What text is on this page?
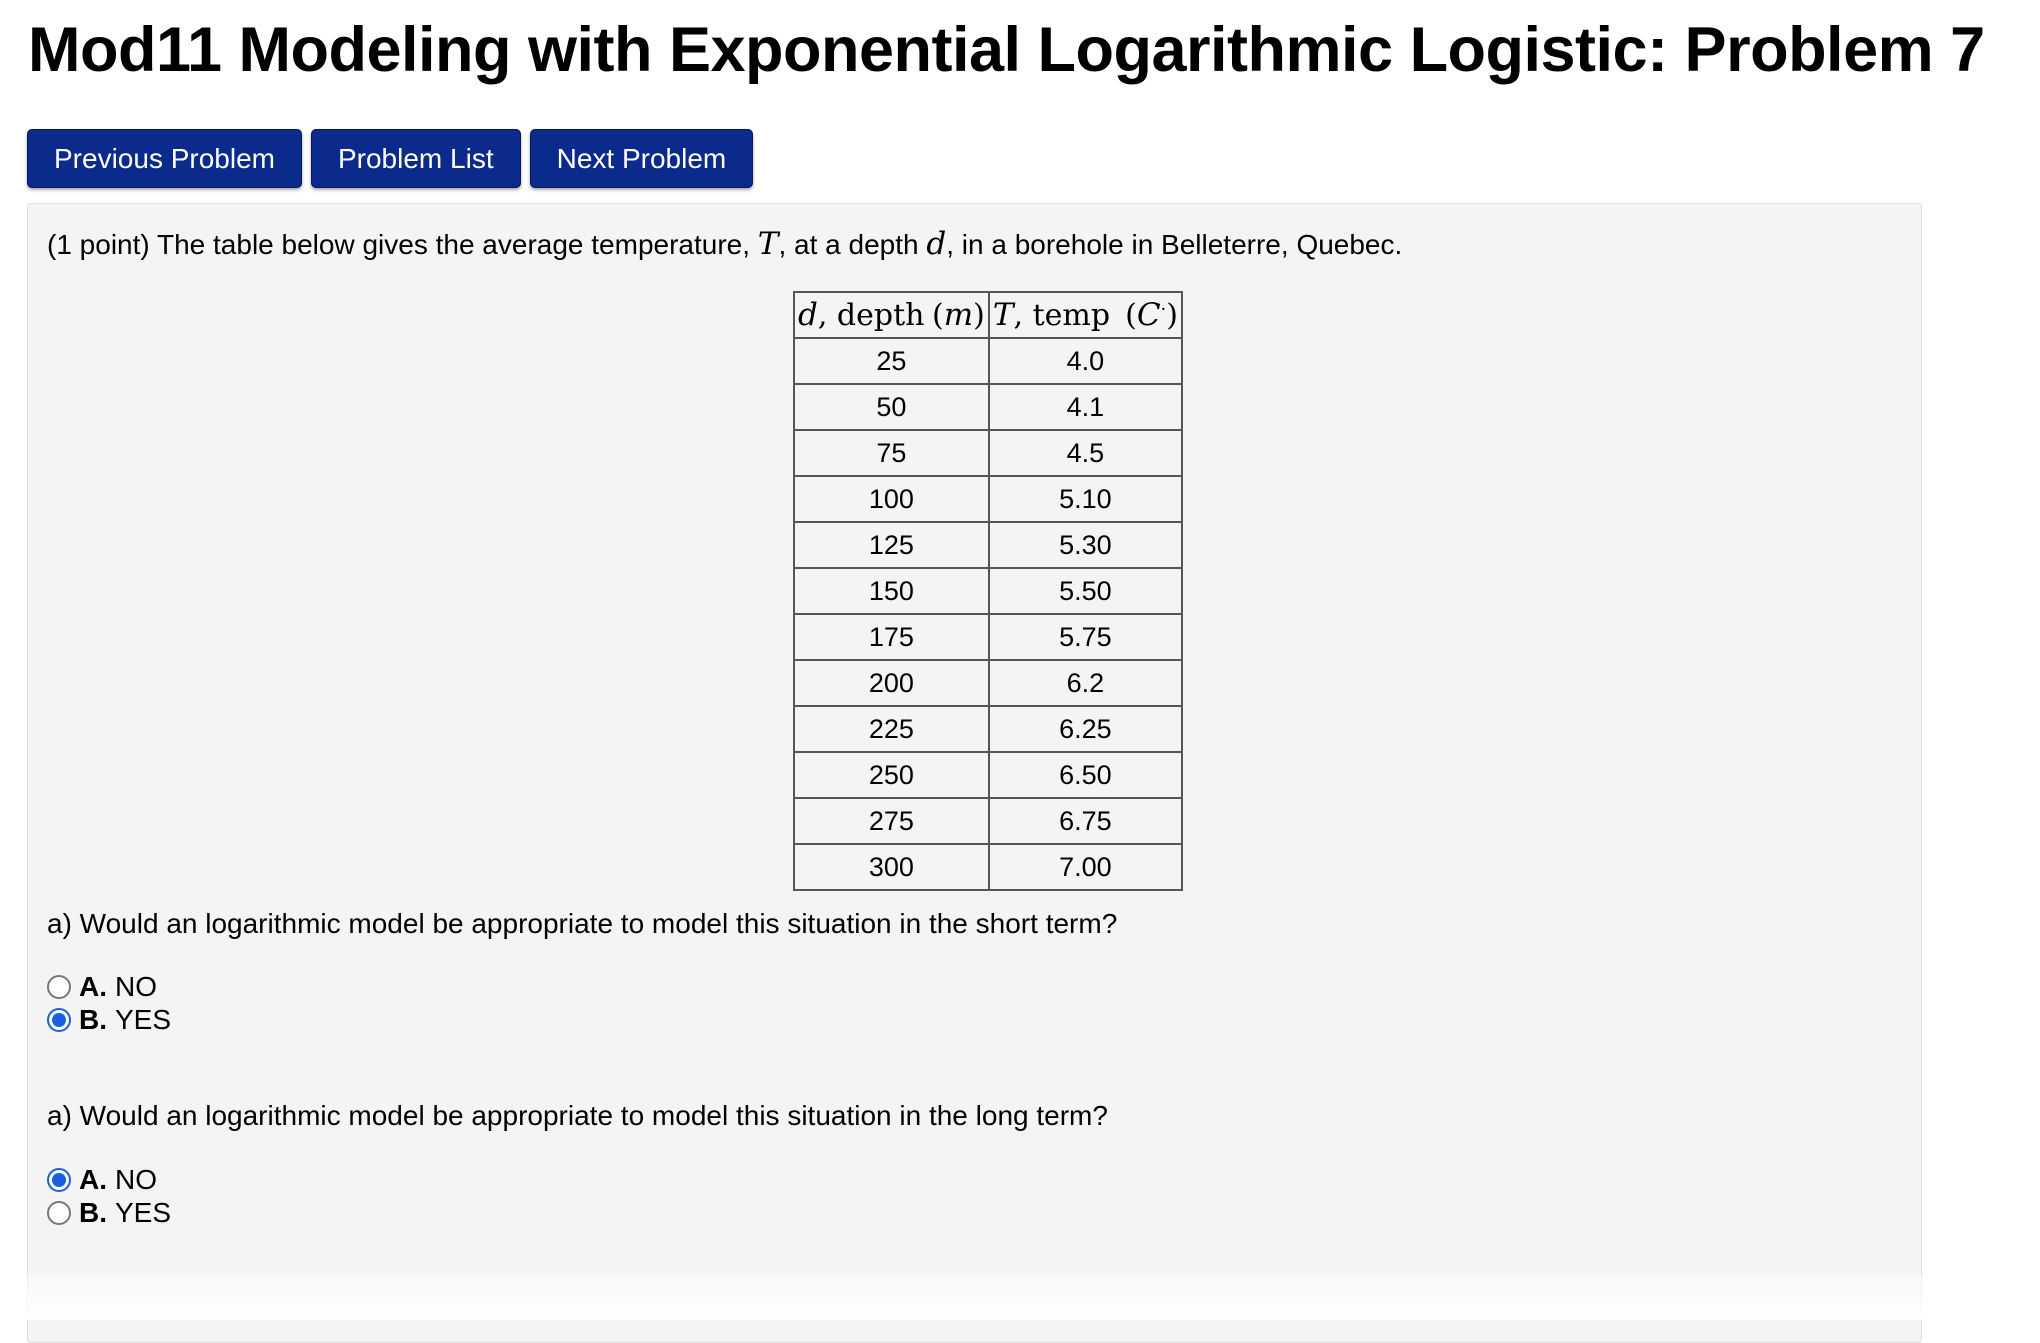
Mod11 Modeling with Exponential Logarithmic Logistic: Problem 7
Previous Problem	Problem List	Next Problem
(1 point) The table below gives the average temperature, T, at a depth d, in a borehole in Belleterre, Quebec.
d, depth (m)	T, temp (C·)
25	4.0
50	4.1
75	4.5
100	5.10
125	5.30
150	5.50
175	5.75
200	6.2
225	6.25
250	6.50
275	6.75
300	7.00
a) Would an logarithmic model be appropriate to model this situation in the short term?
A. NO
B. YES
a) Would an logarithmic model be appropriate to model this situation in the long term?
A. NO
B. YES
